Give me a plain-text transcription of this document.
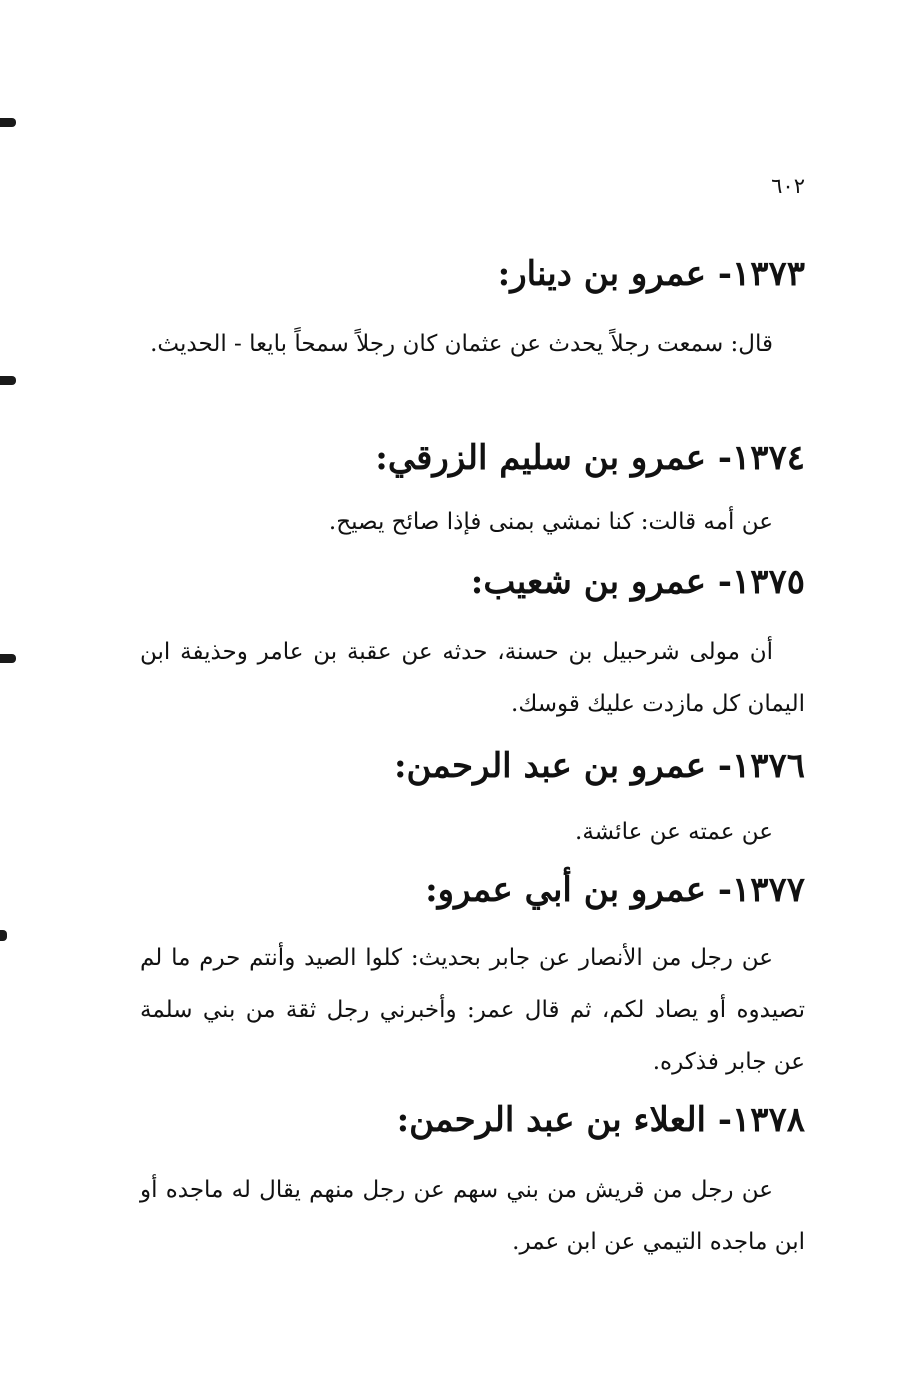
٦٠٢
١٣٧٣- عمرو بن دينار:
قال: سمعت رجلاً يحدث عن عثمان كان رجلاً سمحاً بايعا - الحديث.
١٣٧٤- عمرو بن سليم الزرقي:
عن أمه قالت: كنا نمشي بمنى فإذا صائح يصيح.
١٣٧٥- عمرو بن شعيب:
أن مولى شرحبيل بن حسنة، حدثه عن عقبة بن عامر وحذيفة ابن اليمان كل مازدت عليك قوسك.
١٣٧٦- عمرو بن عبد الرحمن:
عن عمته عن عائشة.
١٣٧٧- عمرو بن أبي عمرو:
عن رجل من الأنصار عن جابر بحديث: كلوا الصيد وأنتم حرم ما لم تصيدوه أو يصاد لكم، ثم قال عمر: وأخبرني رجل ثقة من بني سلمة عن جابر فذكره.
١٣٧٨- العلاء بن عبد الرحمن:
عن رجل من قريش من بني سهم عن رجل منهم يقال له ماجده أو ابن ماجده التيمي عن ابن عمر.
